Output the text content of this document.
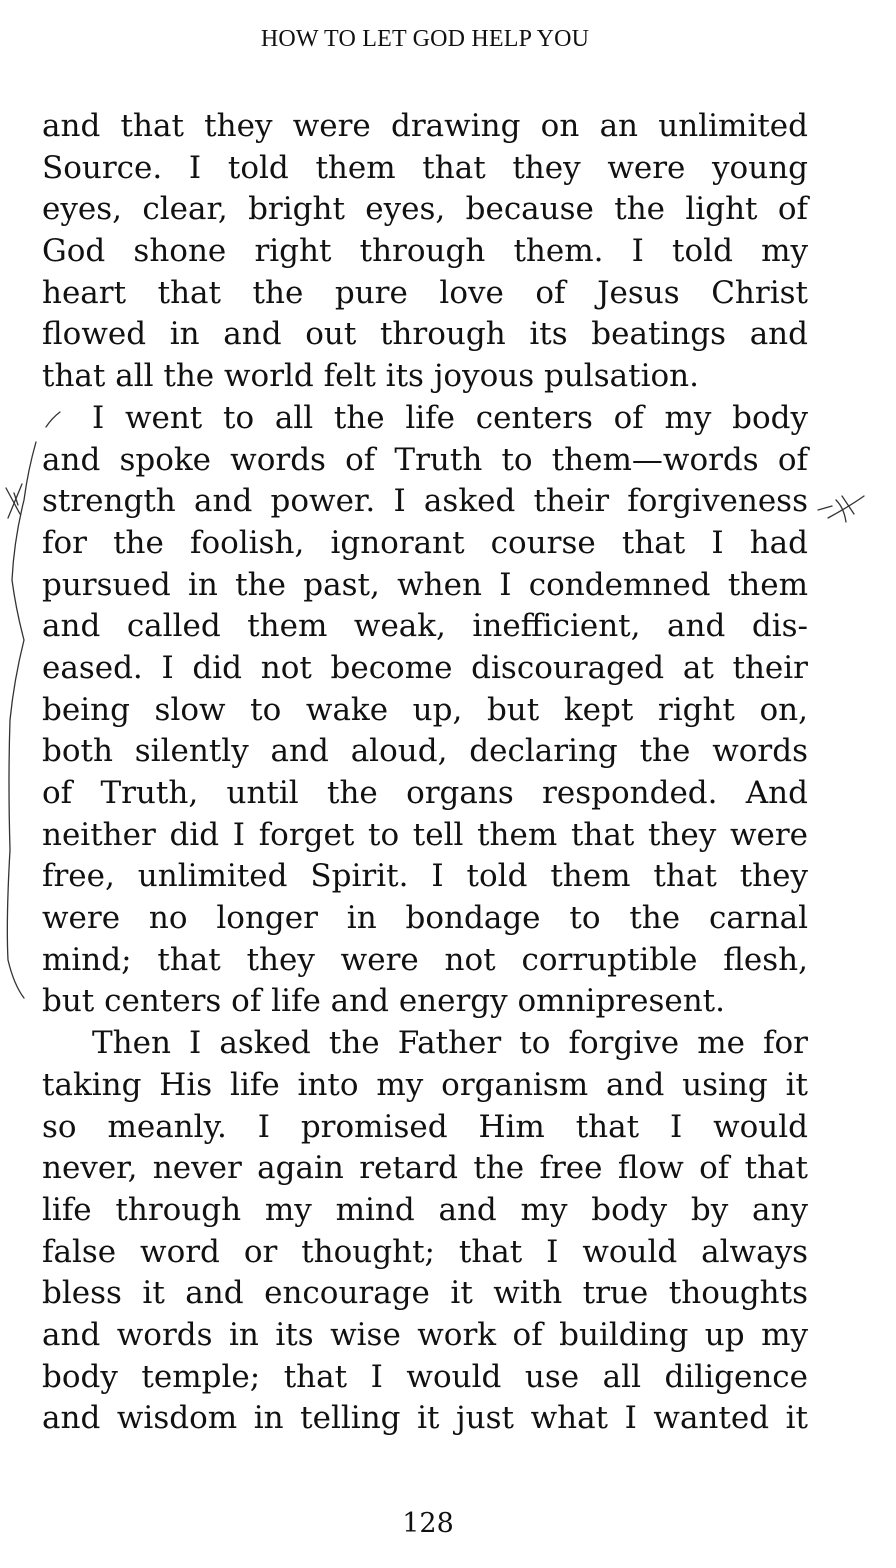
HOW TO LET GOD HELP YOU
and that they were drawing on an unlimited
Source. I told them that they were young
eyes, clear, bright eyes, because the light of
God shone right through them. I told my
heart that the pure love of Jesus Christ
flowed in and out through its beatings and
that all the world felt its joyous pulsation.
I went to all the life centers of my body
and spoke words of Truth to them—words of
strength and power. I asked their forgiveness
for the foolish, ignorant course that I had
pursued in the past, when I condemned them
and called them weak, inefficient, and dis-
eased. I did not become discouraged at their
being slow to wake up, but kept right on,
both silently and aloud, declaring the words
of Truth, until the organs responded. And
neither did I forget to tell them that they were
free, unlimited Spirit. I told them that they
were no longer in bondage to the carnal
mind; that they were not corruptible flesh,
but centers of life and energy omnipresent.
Then I asked the Father to forgive me for
taking His life into my organism and using it
so meanly. I promised Him that I would
never, never again retard the free flow of that
life through my mind and my body by any
false word or thought; that I would always
bless it and encourage it with true thoughts
and words in its wise work of building up my
body temple; that I would use all diligence
and wisdom in telling it just what I wanted it
128
